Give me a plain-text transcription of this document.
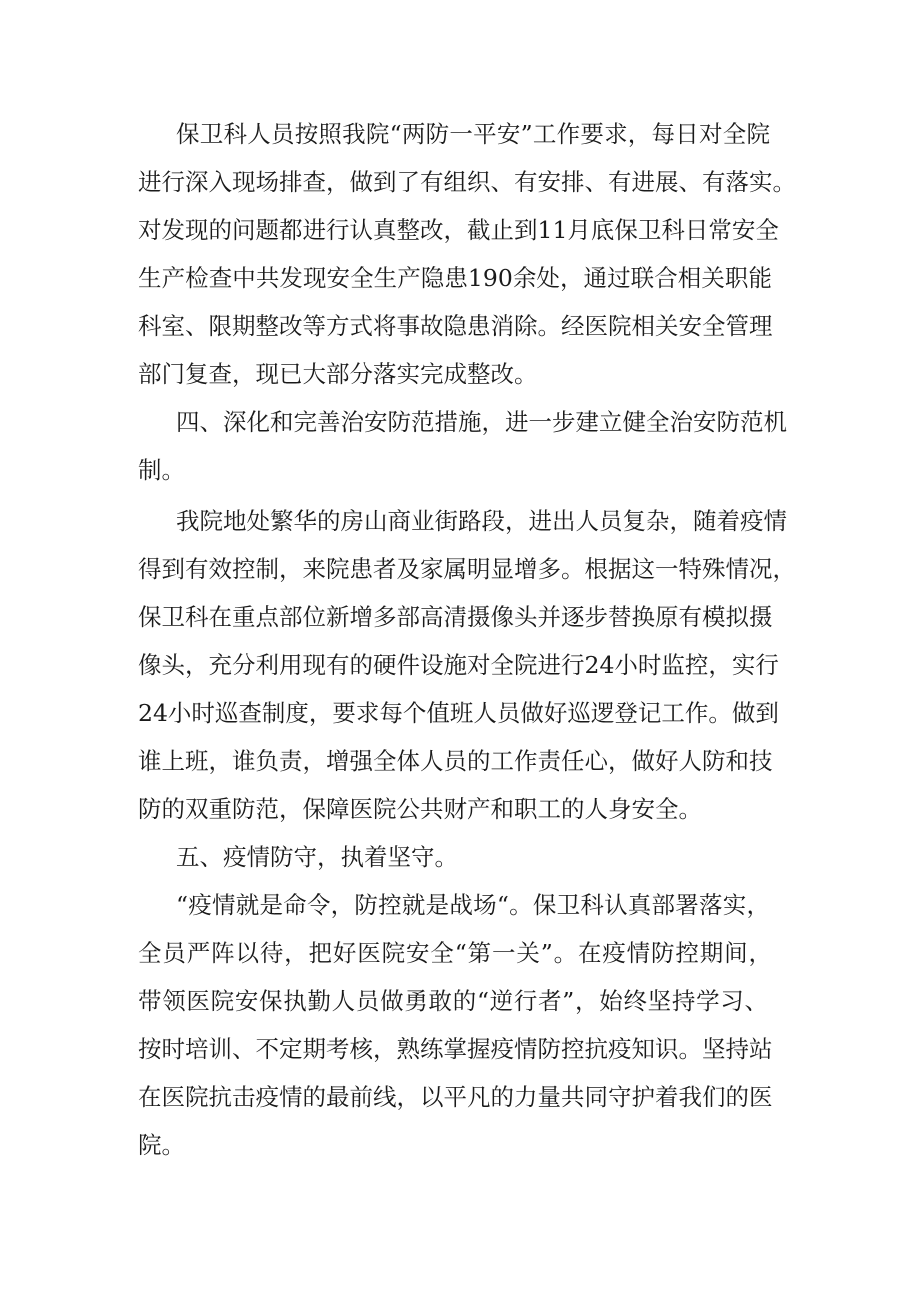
保卫科人员按照我院“两防一平安”工作要求，每日对全院
进行深入现场排查，做到了有组织、有安排、有进展、有落实。
对发现的问题都进行认真整改，截止到11月底保卫科日常安全
生产检查中共发现安全生产隐患190余处，通过联合相关职能
科室、限期整改等方式将事故隐患消除。经医院相关安全管理
部门复查，现已大部分落实完成整改。
四、深化和完善治安防范措施，进一步建立健全治安防范机
制。
我院地处繁华的房山商业街路段，进出人员复杂，随着疫情
得到有效控制，来院患者及家属明显增多。根据这一特殊情况，
保卫科在重点部位新增多部高清摄像头并逐步替换原有模拟摄
像头，充分利用现有的硬件设施对全院进行24小时监控，实行
24小时巡查制度，要求每个值班人员做好巡逻登记工作。做到
谁上班，谁负责，增强全体人员的工作责任心，做好人防和技
防的双重防范，保障医院公共财产和职工的人身安全。
五、疫情防守，执着坚守。
“疫情就是命令，防控就是战场“。保卫科认真部署落实，
全员严阵以待，把好医院安全“第一关”。在疫情防控期间，
带领医院安保执勤人员做勇敢的“逆行者”，始终坚持学习、
按时培训、不定期考核，熟练掌握疫情防控抗疫知识。坚持站
在医院抗击疫情的最前线，以平凡的力量共同守护着我们的医
院。
